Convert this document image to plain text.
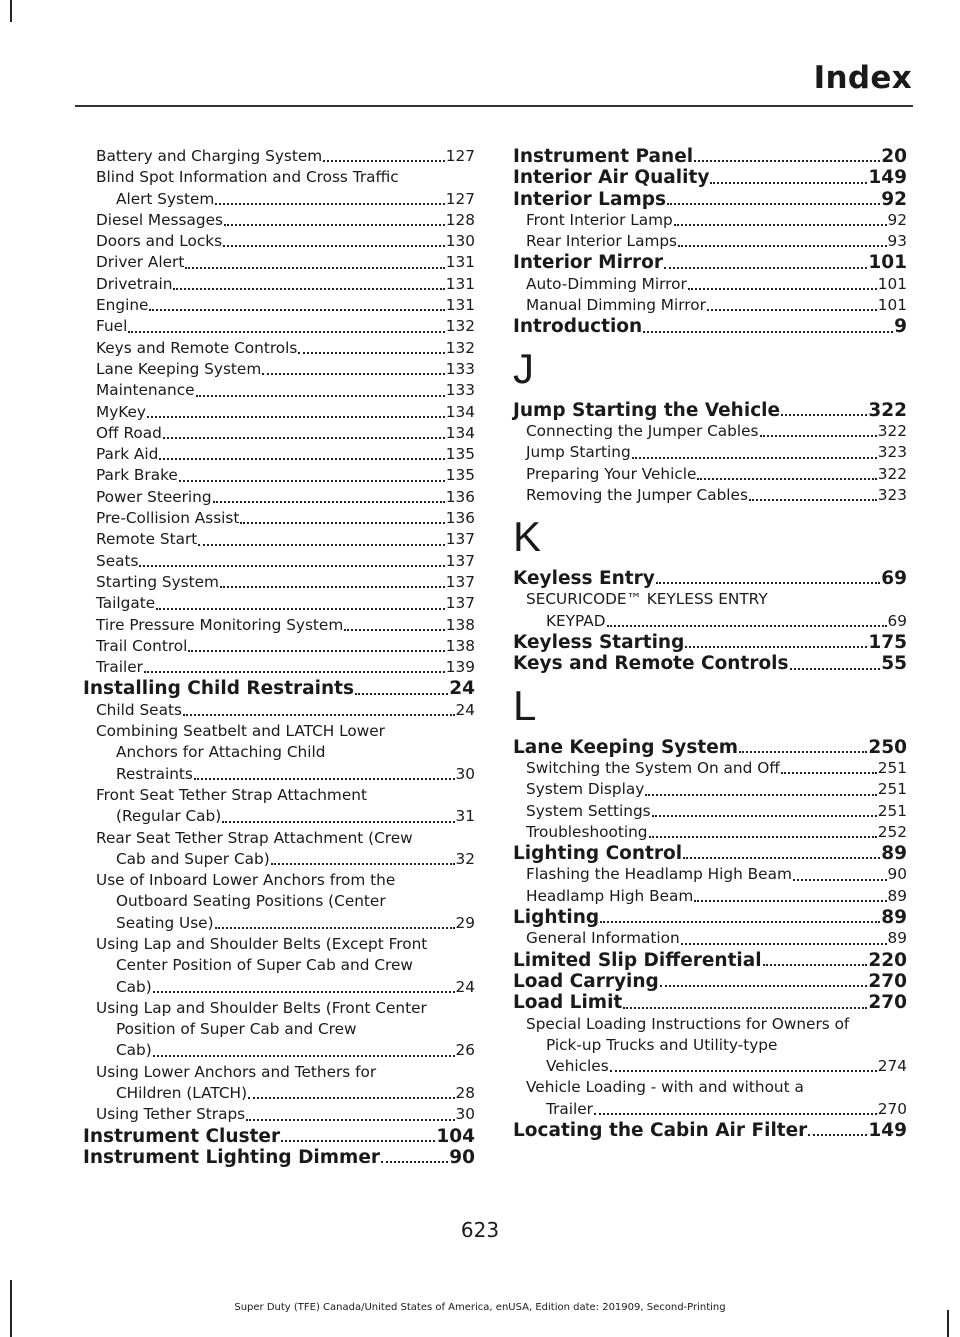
Index
Battery and Charging System	127
Blind Spot Information and Cross Traffic
Alert System	127
Diesel Messages	128
Doors and Locks	130
Driver Alert	131
Drivetrain	131
Engine	131
Fuel	132
Keys and Remote Controls	132
Lane Keeping System	133
Maintenance	133
MyKey	134
Off Road	134
Park Aid	135
Park Brake	135
Power Steering	136
Pre-Collision Assist	136
Remote Start	137
Seats	137
Starting System	137
Tailgate	137
Tire Pressure Monitoring System	138
Trail Control	138
Trailer	139
Installing Child Restraints	24
Child Seats	24
Combining Seatbelt and LATCH Lower
Anchors for Attaching Child
Restraints	30
Front Seat Tether Strap Attachment
(Regular Cab)	31
Rear Seat Tether Strap Attachment (Crew
Cab and Super Cab)	32
Use of Inboard Lower Anchors from the
Outboard Seating Positions (Center
Seating Use)	29
Using Lap and Shoulder Belts (Except Front
Center Position of Super Cab and Crew
Cab)	24
Using Lap and Shoulder Belts (Front Center
Position of Super Cab and Crew
Cab)	26
Using Lower Anchors and Tethers for
CHildren (LATCH)	28
Using Tether Straps	30
Instrument Cluster	104
Instrument Lighting Dimmer	90
Instrument Panel	20
Interior Air Quality	149
Interior Lamps	92
Front Interior Lamp	92
Rear Interior Lamps	93
Interior Mirror	101
Auto-Dimming Mirror	101
Manual Dimming Mirror	101
Introduction	9
J
Jump Starting the Vehicle	322
Connecting the Jumper Cables	322
Jump Starting	323
Preparing Your Vehicle	322
Removing the Jumper Cables	323
K
Keyless Entry	69
SECURICODE™ KEYLESS ENTRY
KEYPAD	69
Keyless Starting	175
Keys and Remote Controls	55
L
Lane Keeping System	250
Switching the System On and Off	251
System Display	251
System Settings	251
Troubleshooting	252
Lighting Control	89
Flashing the Headlamp High Beam	90
Headlamp High Beam	89
Lighting	89
General Information	89
Limited Slip Differential	220
Load Carrying	270
Load Limit	270
Special Loading Instructions for Owners of
Pick-up Trucks and Utility-type
Vehicles	274
Vehicle Loading - with and without a
Trailer	270
Locating the Cabin Air Filter	149
623
Super Duty (TFE) Canada/United States of America, enUSA, Edition date: 201909, Second-Printing
